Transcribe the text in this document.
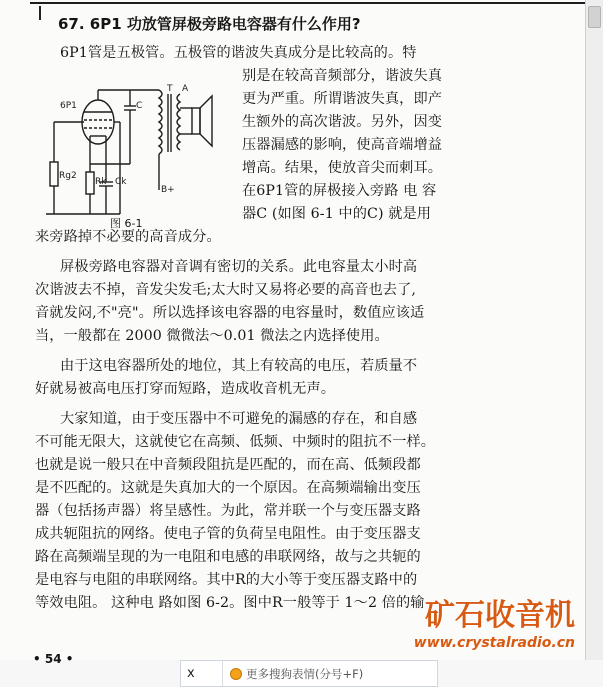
67. 6P1 功放管屏极旁路电容器有什么作用?
6P1管是五极管。五极管的谐波失真成分是比较高的。特
别是在较高音频部分，谐波失真
更为严重。所谓谐波失真，即产
生额外的高次谐波。另外，因变
压器漏感的影响，使高音端增益
增高。结果，使放音尖而刺耳。
在6P1管的屏极接入旁路 电 容
器C (如图 6-1 中的C) 就是用
来旁路掉不必要的高音成分。
屏极旁路电容器对音调有密切的关系。此电容量太小时高
次谐波去不掉，音发尖发毛;太大时又易将必要的高音也去了,
音就发闷,不"亮"。所以选择该电容器的电容量时，数值应该适
当，一般都在 2000 微微法～0.01 微法之内选择使用。
由于这电容器所处的地位，其上有较高的电压，若质量不
好就易被高电压打穿而短路，造成收音机无声。
大家知道，由于变压器中不可避免的漏感的存在，和自感
不可能无限大，这就使它在高频、低频、中频时的阻抗不一样。
也就是说一般只在中音频段阻抗是匹配的，而在高、低频段都
是不匹配的。这就是失真加大的一个原因。在高频端输出变压
器（包括扬声器）将呈感性。为此，常并联一个与变压器支路
成共轭阻抗的网络。使电子管的负荷呈电阻性。由于变压器支
路在高频端呈现的为一电阻和电感的串联网络，故与之共轭的
是电容与电阻的串联网络。其中R的大小等于变压器支路中的
等效电阻。 这种电 路如图 6-2。图中R一般等于 1～2 倍的输
6P1	C
T A
Rg2
Rk Ck
B+
图 6-1
矿石收音机
www.crystalradio.cn
• 54 •
x	更多搜狗表情(分号+F)
